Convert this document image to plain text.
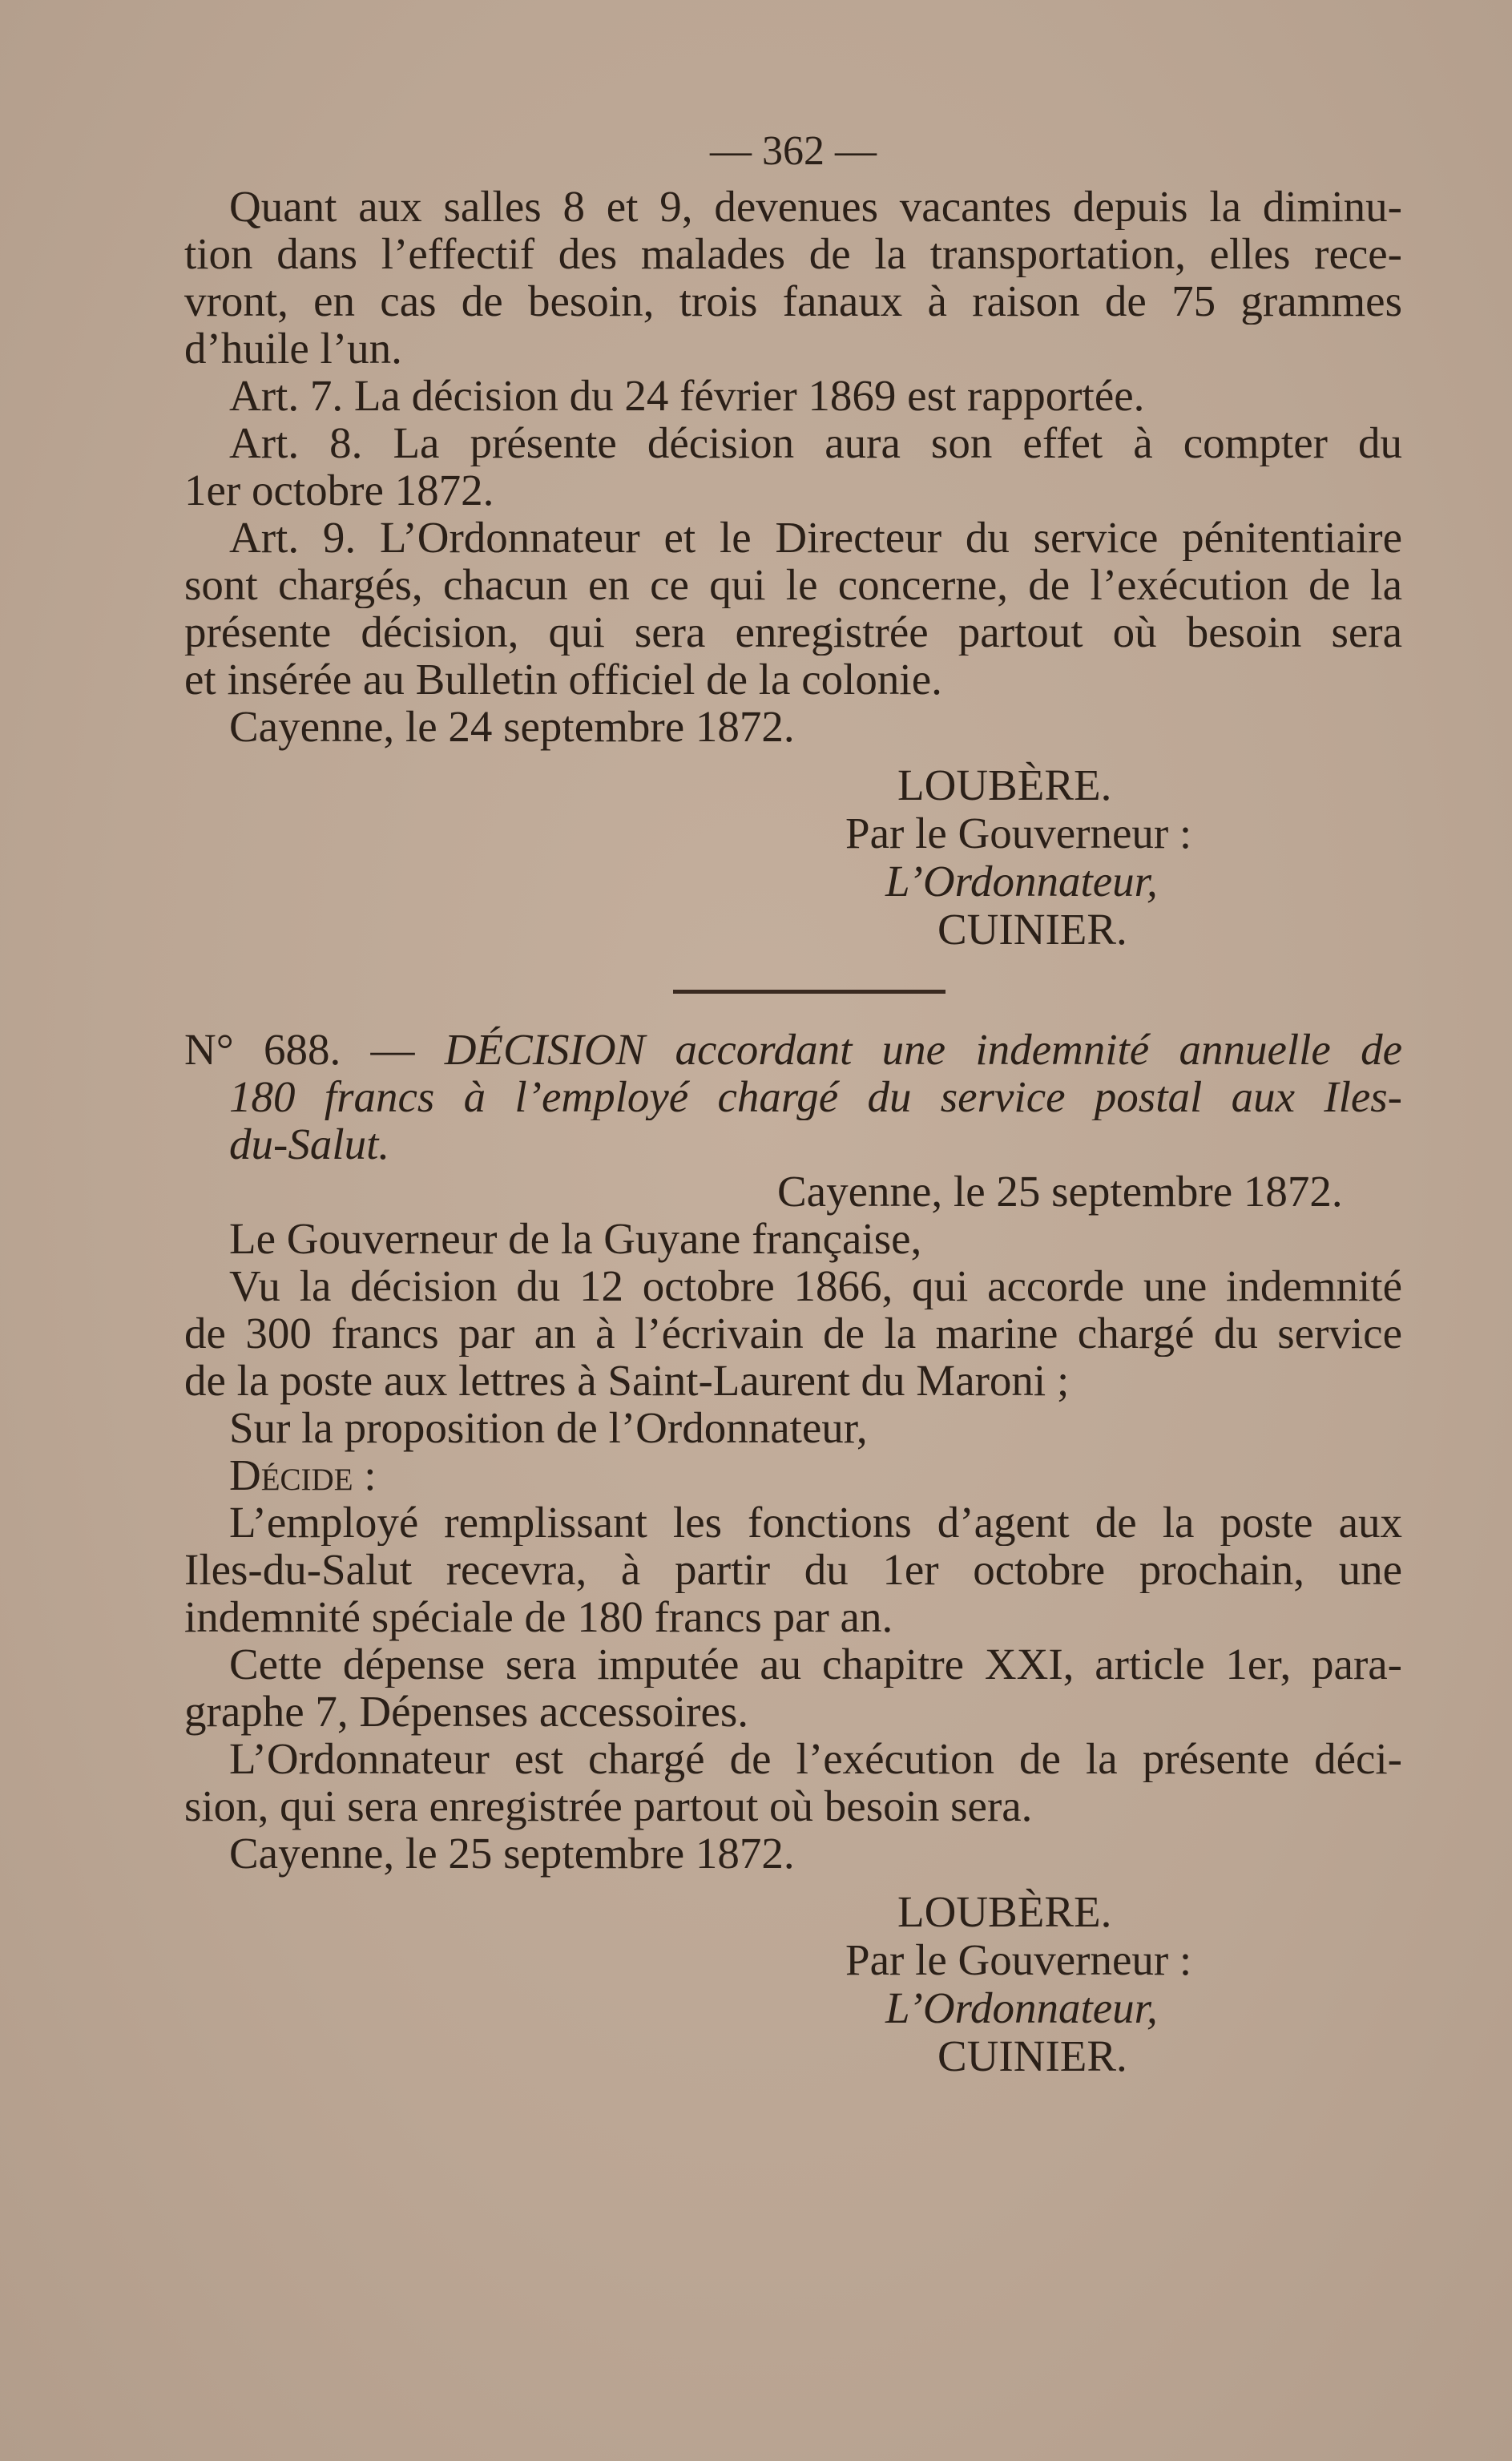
— 362 —
Quant aux salles 8 et 9, devenues vacantes depuis la diminu-
tion dans l’effectif des malades de la transportation, elles rece-
vront, en cas de besoin, trois fanaux à raison de 75 grammes
d’huile l’un.
Art. 7. La décision du 24 février 1869 est rapportée.
Art. 8. La présente décision aura son effet à compter du
1er octobre 1872.
Art. 9. L’Ordonnateur et le Directeur du service pénitentiaire
sont chargés, chacun en ce qui le concerne, de l’exécution de la
présente décision, qui sera enregistrée partout où besoin sera
et insérée au Bulletin officiel de la colonie.
Cayenne, le 24 septembre 1872.
LOUBÈRE.
Par le Gouverneur :
L’Ordonnateur,
CUINIER.
N° 688. — DÉCISION accordant une indemnité annuelle de
180 francs à l’employé chargé du service postal aux Iles-
du-Salut.
Cayenne, le 25 septembre 1872.
Le Gouverneur de la Guyane française,
Vu la décision du 12 octobre 1866, qui accorde une indemnité
de 300 francs par an à l’écrivain de la marine chargé du service
de la poste aux lettres à Saint-Laurent du Maroni ;
Sur la proposition de l’Ordonnateur,
Décide :
L’employé remplissant les fonctions d’agent de la poste aux
Iles-du-Salut recevra, à partir du 1er octobre prochain, une
indemnité spéciale de 180 francs par an.
Cette dépense sera imputée au chapitre XXI, article 1er, para-
graphe 7, Dépenses accessoires.
L’Ordonnateur est chargé de l’exécution de la présente déci-
sion, qui sera enregistrée partout où besoin sera.
Cayenne, le 25 septembre 1872.
LOUBÈRE.
Par le Gouverneur :
L’Ordonnateur,
CUINIER.
